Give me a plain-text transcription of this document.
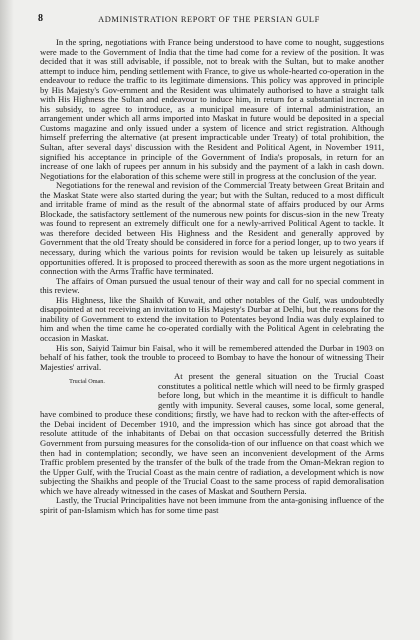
8	ADMINISTRATION REPORT OF THE PERSIAN GULF

In the spring, negotiations with France being understood to have come to nought, suggestions were made to the Government of India that the time had come for a review of the position. It was decided that it was still advisable, if possible, not to break with the Sultan, but to make another attempt to induce him, pending settlement with France, to give us whole-hearted co-operation in the endeavour to reduce the traffic to its legitimate dimensions. This policy was approved in principle by His Majesty's Gov-ernment and the Resident was ultimately authorised to have a straight talk with His Highness the Sultan and endeavour to induce him, in return for a substantial increase in his subsidy, to agree to introduce, as a municipal measure of internal administration, an arrangement under which all arms imported into Maskat in future would be deposited in a special Customs magazine and only issued under a system of licence and strict registration. Although himself preferring the alternative (at present impracticable under Treaty) of total prohibition, the Sultan, after several days' discussion with the Resident and Political Agent, in November 1911, signified his acceptance in principle of the Government of India's proposals, in return for an increase of one lakh of rupees per annum in his subsidy and the payment of a lakh in cash down. Negotiations for the elaboration of this scheme were still in progress at the conclusion of the year.

Negotiations for the renewal and revision of the Commercial Treaty between Great Britain and the Maskat State were also started during the year; but with the Sultan, reduced to a most difficult and irritable frame of mind as the result of the abnormal state of affairs produced by our Arms Blockade, the satisfactory settlement of the numerous new points for discus-sion in the new Treaty was found to represent an extremely difficult one for a newly-arrived Political Agent to tackle. It was therefore decided between His Highness and the Resident and generally approved by Government that the old Treaty should be considered in force for a period longer, up to two years if necessary, during which the various points for revision would be taken up leisurely as suitable opportunities offered. It is proposed to proceed therewith as soon as the more urgent negotiations in connection with the Arms Traffic have terminated.

The affairs of Oman pursued the usual tenour of their way and call for no special comment in this review.

His Highness, like the Shaikh of Kuwait, and other notables of the Gulf, was undoubtedly disappointed at not receiving an invitation to His Majesty's Durbar at Delhi, but the reasons for the inability of Government to extend the invitation to Potentates beyond India was duly explained to him and when the time came he co-operated cordially with the Political Agent in celebrating the occasion in Maskat.

His son, Saiyid Taimur bin Faisal, who it will be remembered attended the Durbar in 1903 on behalf of his father, took the trouble to proceed to Bombay to have the honour of witnessing Their Majesties' arrival.

Trucial Oman.
At present the general situation on the Trucial Coast constitutes a political nettle which will need to be firmly grasped before long, but which in the meantime it is difficult to handle gently with impunity. Several causes, some local, some general, have combined to produce these conditions; firstly, we have had to reckon with the after-effects of the Debai incident of December 1910, and the impression which has since got abroad that the resolute attitude of the inhabitants of Debai on that occasion successfully deterred the British Government from pursuing measures for the consolida-tion of our influence on that coast which we then had in contemplation; secondly, we have seen an inconvenient development of the Arms Traffic problem presented by the transfer of the bulk of the trade from the Oman-Mekran region to the Upper Gulf, with the Trucial Coast as the main centre of radiation, a development which is now subjecting the Shaikhs and people of the Trucial Coast to the same process of rapid demoralisation which we have already witnessed in the cases of Maskat and Southern Persia.

Lastly, the Trucial Principalities have not been immune from the anta-gonising influence of the spirit of pan-Islamism which has for some time past
